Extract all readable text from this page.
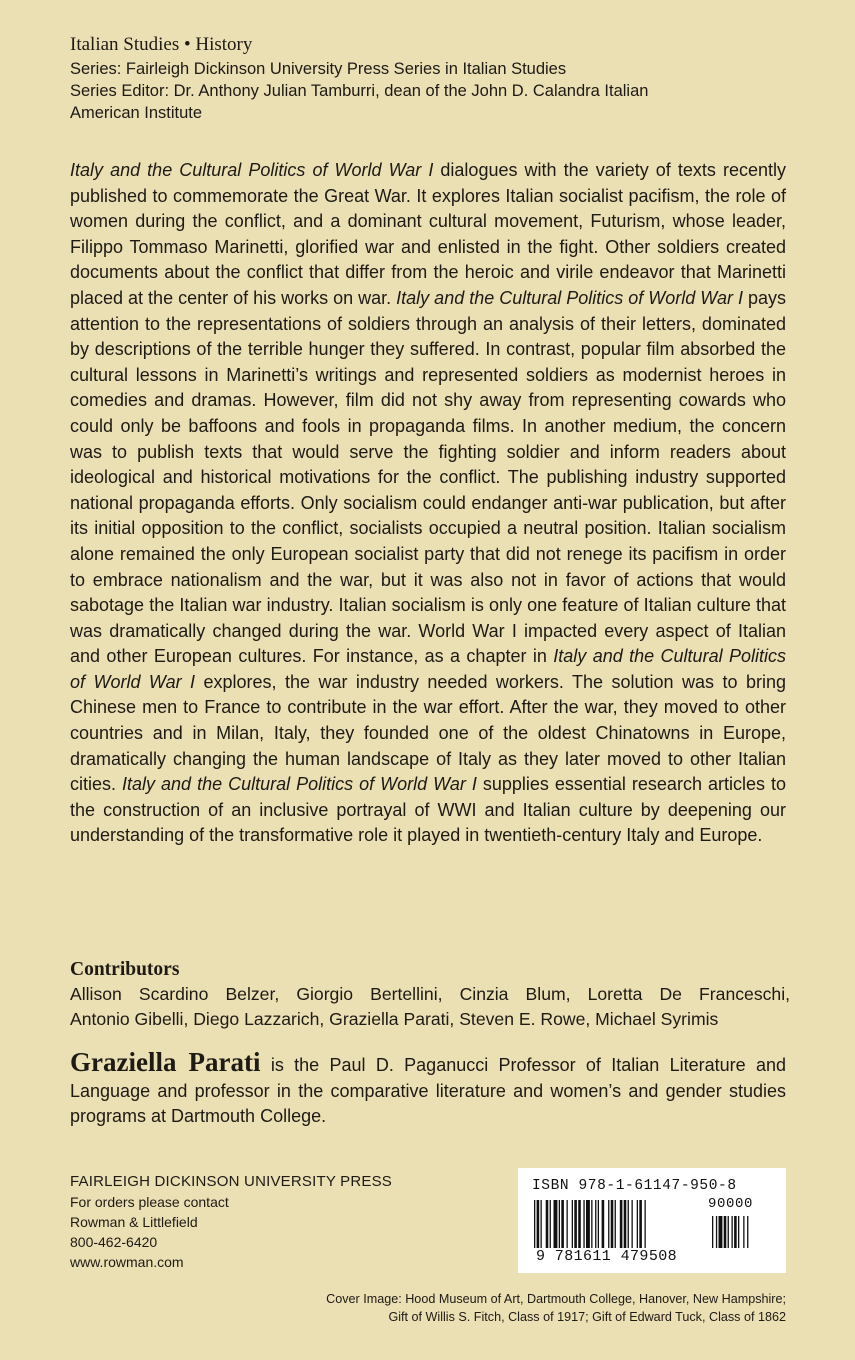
Italian Studies • History
Series: Fairleigh Dickinson University Press Series in Italian Studies
Series Editor: Dr. Anthony Julian Tamburri, dean of the John D. Calandra Italian
American Institute

Italy and the Cultural Politics of World War I dialogues with the variety of texts recently published to commemorate the Great War. It explores Italian socialist pacifism, the role of women during the conflict, and a dominant cultural movement, Futurism, whose leader, Filippo Tommaso Marinetti, glorified war and enlisted in the fight. Other soldiers created documents about the conflict that differ from the heroic and virile endeavor that Marinetti placed at the center of his works on war. Italy and the Cultural Politics of World War I pays attention to the representations of soldiers through an analysis of their letters, dominated by descriptions of the terrible hunger they suffered. In contrast, popular film absorbed the cultural lessons in Marinetti’s writings and represented soldiers as modernist heroes in comedies and dramas. However, film did not shy away from representing cowards who could only be baffoons and fools in propaganda films. In another medium, the concern was to publish texts that would serve the fighting soldier and inform readers about ideological and historical motivations for the conflict. The publishing industry supported national propaganda efforts. Only socialism could endanger anti-war publication, but after its initial opposition to the conflict, socialists occupied a neutral position. Italian socialism alone remained the only European socialist party that did not renege its pacifism in order to embrace nationalism and the war, but it was also not in favor of actions that would sabotage the Italian war industry. Italian socialism is only one feature of Italian culture that was dramatically changed during the war. World War I impacted every aspect of Italian and other European cultures. For instance, as a chapter in Italy and the Cultural Politics of World War I explores, the war industry needed workers. The solution was to bring Chinese men to France to contribute in the war effort. After the war, they moved to other countries and in Milan, Italy, they founded one of the oldest Chinatowns in Europe, dramatically changing the human landscape of Italy as they later moved to other Italian cities. Italy and the Cultural Politics of World War I supplies essential research articles to the construction of an inclusive portrayal of WWI and Italian culture by deepening our understanding of the transformative role it played in twentieth-century Italy and Europe.

Contributors

Allison Scardino Belzer, Giorgio Bertellini, Cinzia Blum, Loretta De Franceschi,

Antonio Gibelli, Diego Lazzarich, Graziella Parati, Steven E. Rowe, Michael Syrimis

Graziella Parati is the Paul D. Paganucci Professor of Italian Literature and Language and professor in the comparative literature and women’s and gender studies programs at Dartmouth College.

FAIRLEIGH DICKINSON UNIVERSITY PRESS
For orders please contact
Rowman & Littlefield
800-462-6420
www.rowman.com
ISBN 978-1-61147-950-8
90000
9 781611 479508
Cover Image: Hood Museum of Art, Dartmouth College, Hanover, New Hampshire;
Gift of Willis S. Fitch, Class of 1917; Gift of Edward Tuck, Class of 1862
